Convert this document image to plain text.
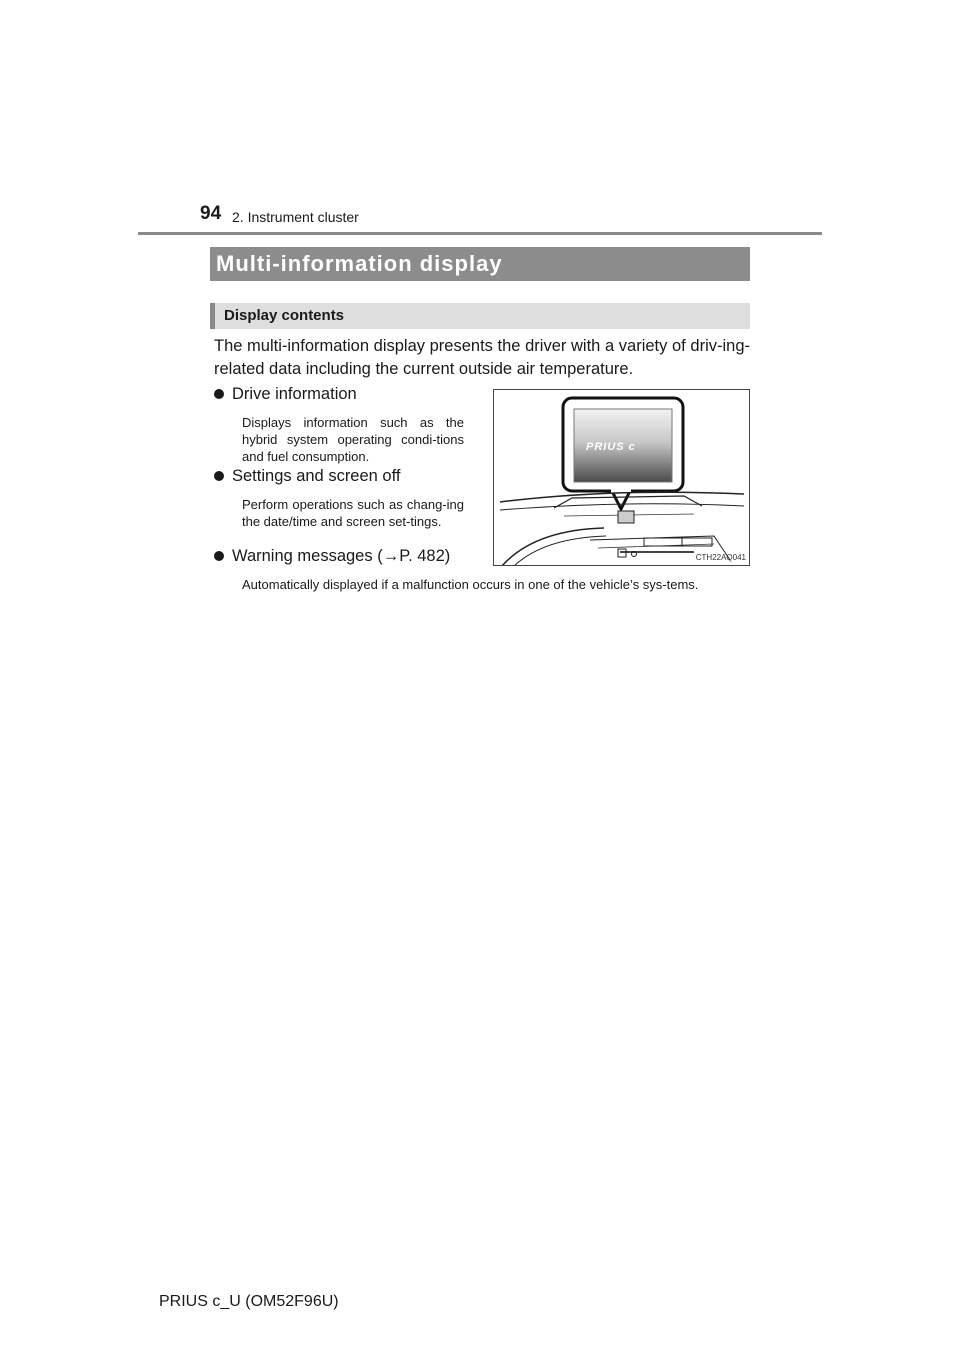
94 2. Instrument cluster
Multi-information display
Display contents
The multi-information display presents the driver with a variety of driv-ing-related data including the current outside air temperature.
Drive information
Displays information such as the hybrid system operating condi-tions and fuel consumption.
Settings and screen off
Perform operations such as chang-ing the date/time and screen set-tings.
Warning messages (→P. 482)
Automatically displayed if a malfunction occurs in one of the vehicle’s sys-tems.
PRIUS c
CTH22AQ041
PRIUS c_U (OM52F96U)
